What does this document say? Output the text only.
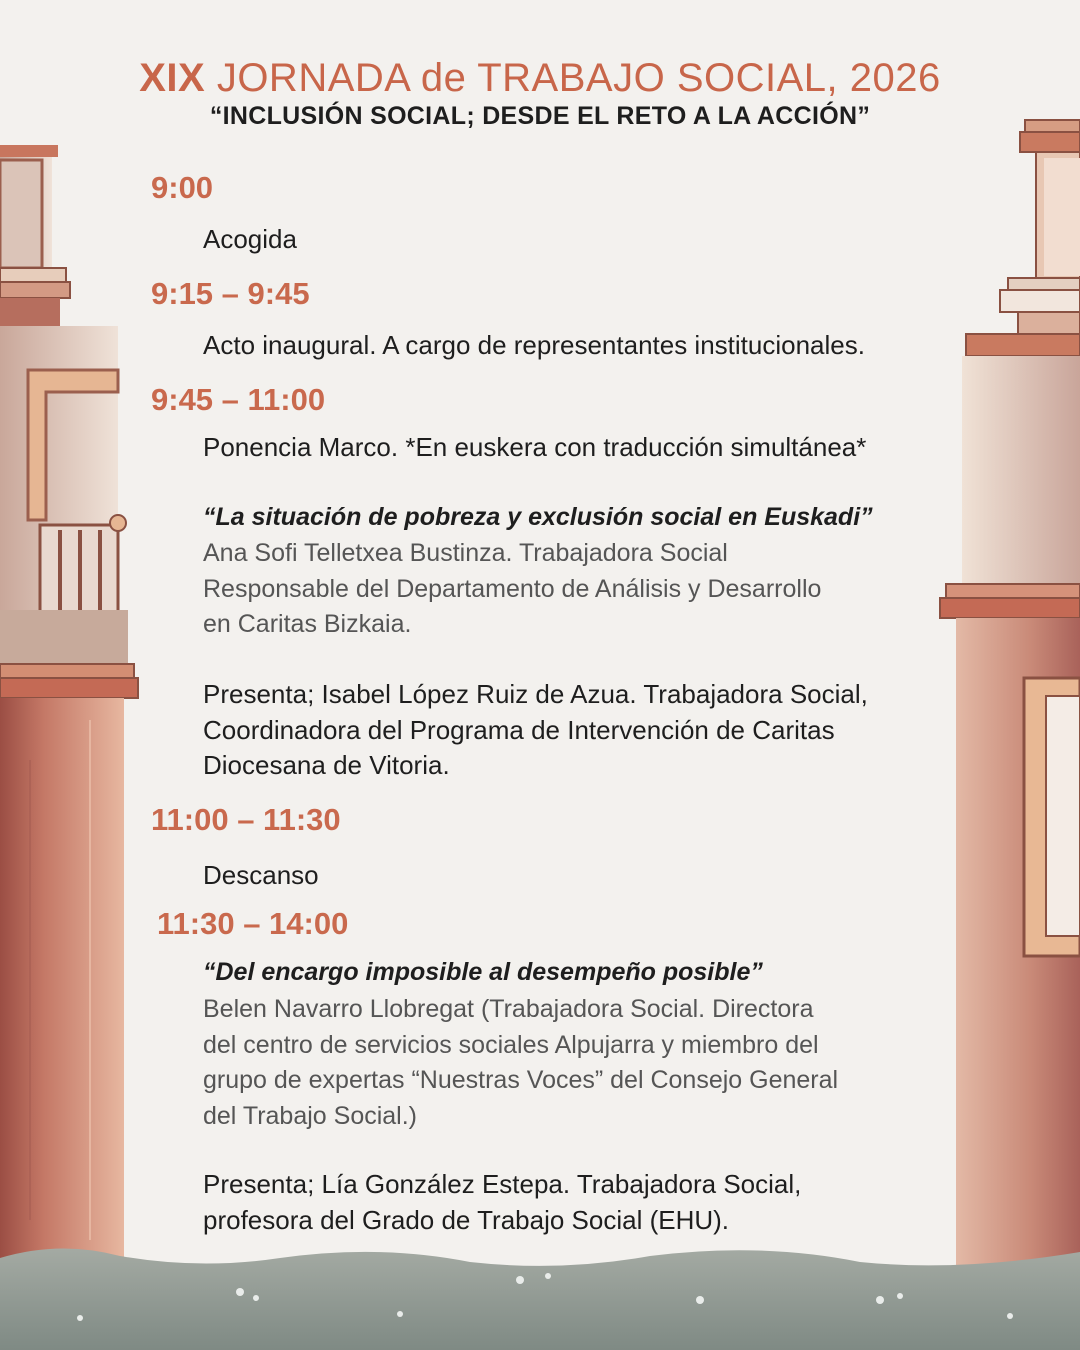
XIX JORNADA de TRABAJO SOCIAL, 2026
“INCLUSIÓN SOCIAL; DESDE EL RETO A LA ACCIÓN”
9:00
Acogida
9:15 – 9:45
Acto inaugural. A cargo de representantes institucionales.
9:45 – 11:00
Ponencia Marco. *En euskera con traducción simultánea*
“La situación de pobreza y exclusión social en Euskadi”
Ana Sofi Telletxea Bustinza. Trabajadora Social
Responsable del Departamento de Análisis y Desarrollo
en Caritas Bizkaia.
Presenta; Isabel López Ruiz de Azua. Trabajadora Social,
Coordinadora del Programa de Intervención de Caritas
Diocesana de Vitoria.
11:00 – 11:30
Descanso
11:30 – 14:00
“Del encargo imposible al desempeño posible”
Belen Navarro Llobregat (Trabajadora Social. Directora
del centro de servicios sociales Alpujarra y miembro del
grupo de expertas “Nuestras Voces” del Consejo General
del Trabajo Social.)
Presenta; Lía González Estepa. Trabajadora Social,
profesora del Grado de Trabajo Social (EHU).
